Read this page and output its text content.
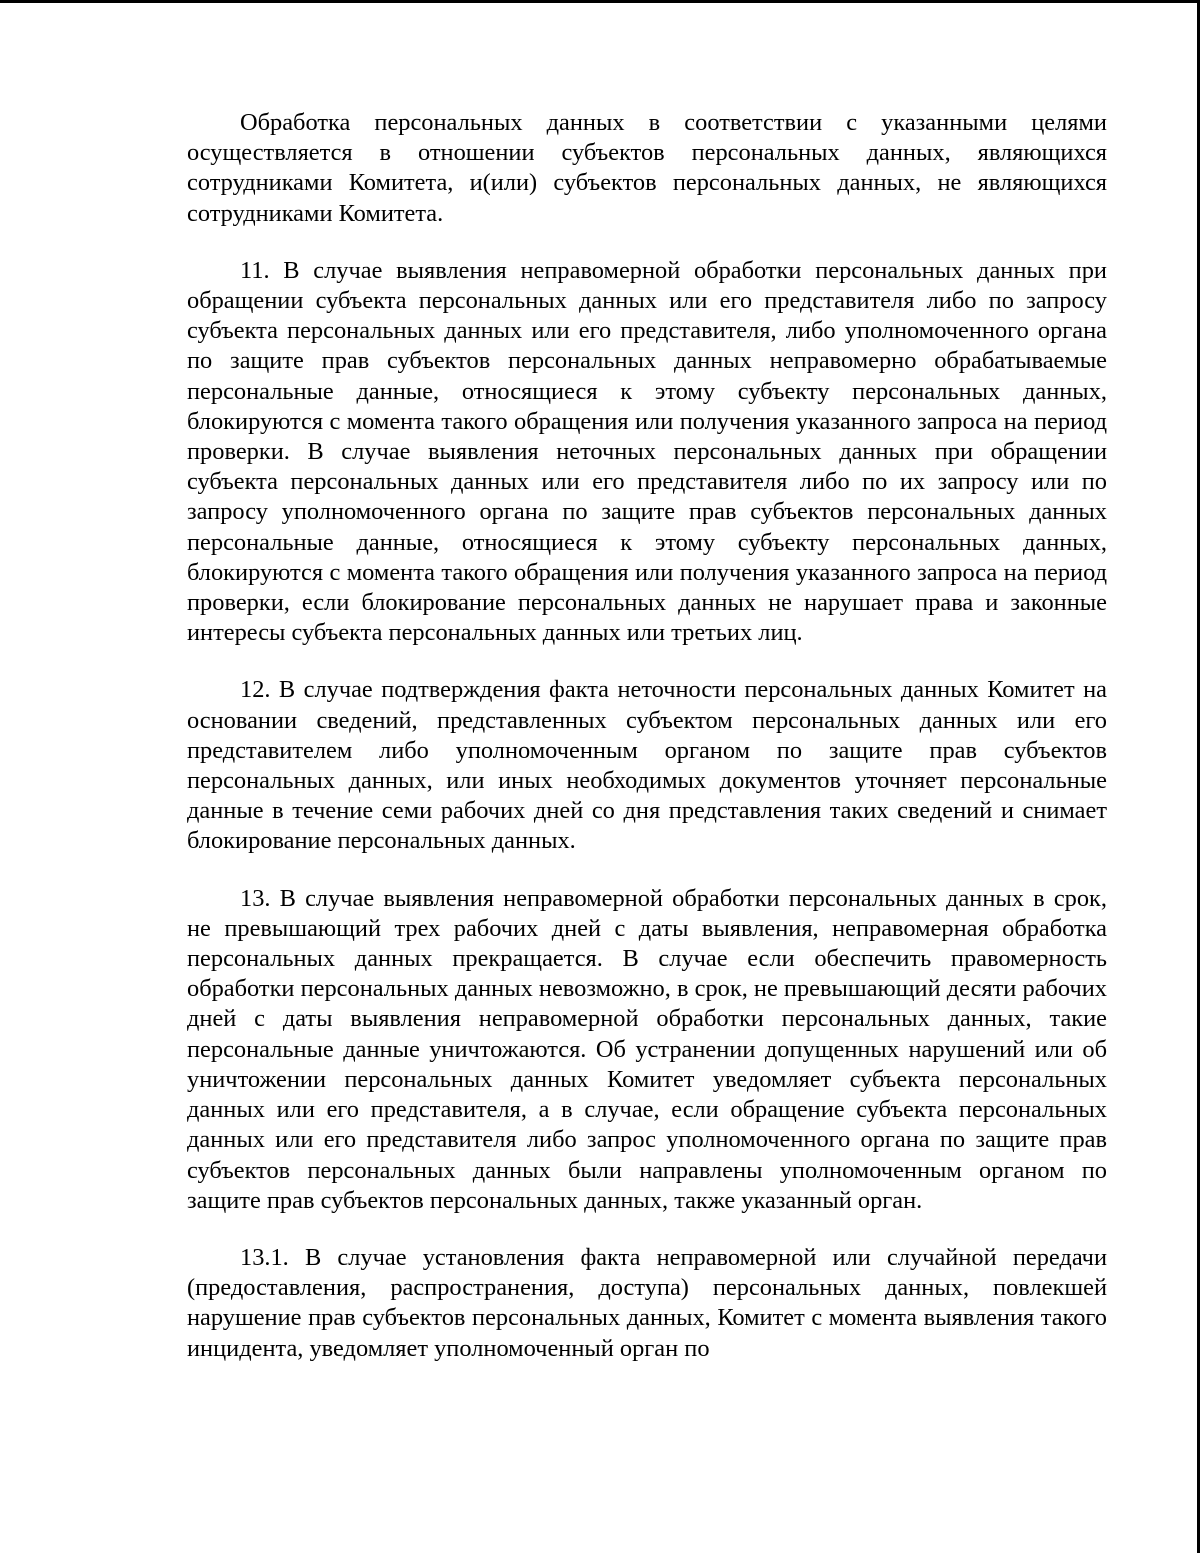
Обработка персональных данных в соответствии с указанными целями осуществляется в отношении субъектов персональных данных, являющихся сотрудниками Комитета, и(или) субъектов персональных данных, не являющихся сотрудниками Комитета.

11. В случае выявления неправомерной обработки персональных данных при обращении субъекта персональных данных или его представителя либо по запросу субъекта персональных данных или его представителя, либо уполномоченного органа по защите прав субъектов персональных данных неправомерно обрабатываемые персональные данные, относящиеся к этому субъекту персональных данных, блокируются с момента такого обращения или получения указанного запроса на период проверки. В случае выявления неточных персональных данных при обращении субъекта персональных данных или его представителя либо по их запросу или по запросу уполномоченного органа по защите прав субъектов персональных данных персональные данные, относящиеся к этому субъекту персональных данных, блокируются с момента такого обращения или получения указанного запроса на период проверки, если блокирование персональных данных не нарушает права и законные интересы субъекта персональных данных или третьих лиц.

12. В случае подтверждения факта неточности персональных данных Комитет на основании сведений, представленных субъектом персональных данных или его представителем либо уполномоченным органом по защите прав субъектов персональных данных, или иных необходимых документов уточняет персональные данные в течение семи рабочих дней со дня представления таких сведений и снимает блокирование персональных данных.

13. В случае выявления неправомерной обработки персональных данных в срок, не превышающий трех рабочих дней с даты выявления, неправомерная обработка персональных данных прекращается. В случае если обеспечить правомерность обработки персональных данных невозможно, в срок, не превышающий десяти рабочих дней с даты выявления неправомерной обработки персональных данных, такие персональные данные уничтожаются. Об устранении допущенных нарушений или об уничтожении персональных данных Комитет уведомляет субъекта персональных данных или его представителя, а в случае, если обращение субъекта персональных данных или его представителя либо запрос уполномоченного органа по защите прав субъектов персональных данных были направлены уполномоченным органом по защите прав субъектов персональных данных, также указанный орган.

13.1. В случае установления факта неправомерной или случайной передачи (предоставления, распространения, доступа) персональных данных, повлекшей нарушение прав субъектов персональных данных, Комитет с момента выявления такого инцидента, уведомляет уполномоченный орган по
